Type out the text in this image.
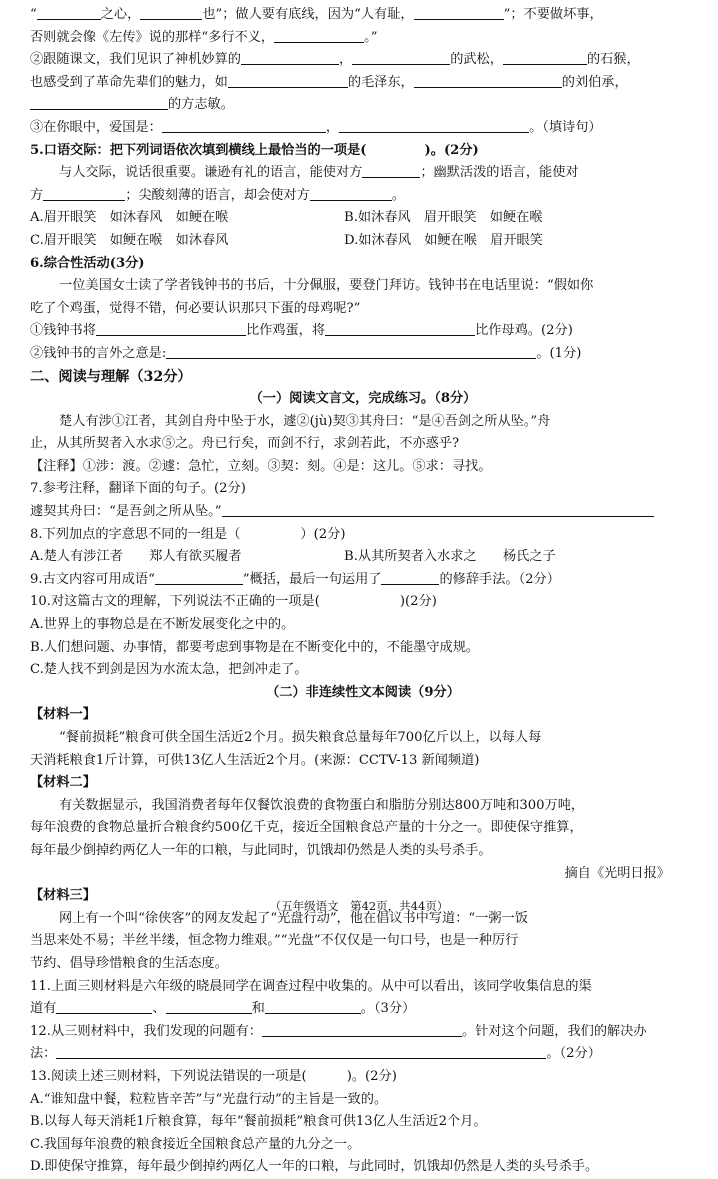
“	之心，	也”；做人要有底线，因为“人有耻，	”；不要做坏事，
否则就会像《左传》说的那样“多行不义，	。”
②跟随课文，我们见识了神机妙算的	，	的武松，	的石猴，
也感受到了革命先辈们的魅力，如	的毛泽东，	的刘伯承，
的方志敏。
③在你眼中，爱国是：	，	。（填诗句）
5.口语交际：把下列词语依次填到横线上最恰当的一项是(	)。(2分)
与人交际，说话很重要。谦逊有礼的语言，能使对方	；幽默活泼的语言，能使对
方	；尖酸刻薄的语言，却会使对方	。
A.眉开眼笑　如沐春风　如鲠在喉	B.如沐春风　眉开眼笑　如鲠在喉
C.眉开眼笑　如鲠在喉　如沐春风	D.如沐春风　如鲠在喉　眉开眼笑
6.综合性活动(3分)
一位美国女士读了学者钱钟书的书后，十分佩服，要登门拜访。钱钟书在电话里说：“假如你
吃了个鸡蛋，觉得不错，何必要认识那只下蛋的母鸡呢?”
①钱钟书将	比作鸡蛋，将	比作母鸡。(2分)
②钱钟书的言外之意是:	。(1分)
二、阅读与理解（32分）
（一）阅读文言文，完成练习。（8分）
楚人有涉①江者，其剑自舟中坠于水，遽②(jù)契③其舟曰：“是④吾剑之所从坠。”舟
止，从其所契者入水求⑤之。舟已行矣，而剑不行，求剑若此，不亦惑乎?
【注释】①涉：渡。②遽：急忙，立刻。③契：刻。④是：这儿。⑤求：寻找。
7.参考注释，翻译下面的句子。(2分)
遽契其舟曰：“是吾剑之所从坠。”
8.下列加点的字意思不同的一组是（	）(2分)
A.楚人有涉江者　　郑人有欲买履者	B.从其所契者入水求之　　杨氏之子
9.古文内容可用成语“	”概括，最后一句运用了	的修辞手法。（2分）
10.对这篇古文的理解，下列说法不正确的一项是(	)(2分)
A.世界上的事物总是在不断发展变化之中的。
B.人们想问题、办事情，都要考虑到事物是在不断变化中的，不能墨守成规。
C.楚人找不到剑是因为水流太急，把剑冲走了。
（二）非连续性文本阅读（9分）
【材料一】
“餐前损耗”粮食可供全国生活近2个月。损失粮食总量每年700亿斤以上，以每人每
天消耗粮食1斤计算，可供13亿人生活近2个月。(来源：CCTV-13 新闻频道)
【材料二】
有关数据显示，我国消费者每年仅餐饮浪费的食物蛋白和脂肪分别达800万吨和300万吨，
每年浪费的食物总量折合粮食约500亿千克，接近全国粮食总产量的十分之一。即使保守推算，
每年最少倒掉约两亿人一年的口粮，与此同时，饥饿却仍然是人类的头号杀手。
摘自《光明日报》
【材料三】
网上有一个叫“徐侠客”的网友发起了“光盘行动”，他在倡议书中写道：“一粥一饭
当思来处不易；半丝半缕，恒念物力维艰。”“光盘”不仅仅是一句口号，也是一种厉行
节约、倡导珍惜粮食的生活态度。
11.上面三则材料是六年级的晓晨同学在调查过程中收集的。从中可以看出，该同学收集信息的渠
道有	、	和	。（3分）
12.从三则材料中，我们发现的问题有：	。针对这个问题，我们的解决办
法：	。（2分）
13.阅读上述三则材料，下列说法错误的一项是(	)。(2分)
A.“谁知盘中餐，粒粒皆辛苦”与“光盘行动”的主旨是一致的。
B.以每人每天消耗1斤粮食算，每年“餐前损耗”粮食可供13亿人生活近2个月。
C.我国每年浪费的粮食接近全国粮食总产量的九分之一。
D.即使保守推算，每年最少倒掉约两亿人一年的口粮，与此同时，饥饿却仍然是人类的头号杀手。
（五年级语文　第42页，共44页）
